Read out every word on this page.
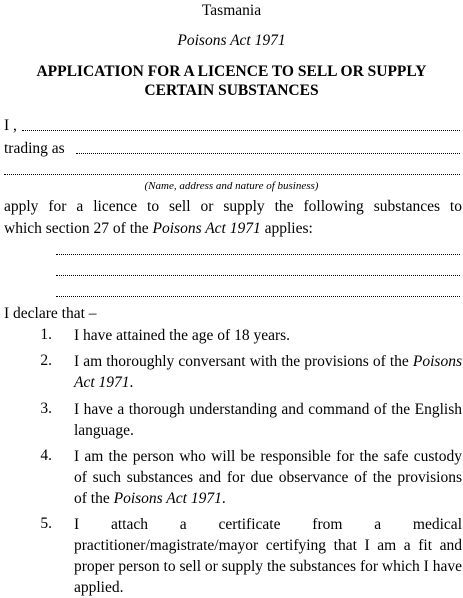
Tasmania
Poisons Act 1971
APPLICATION FOR A LICENCE TO SELL OR SUPPLY CERTAIN SUBSTANCES
I ,
trading as
(Name, address and nature of business)
apply for a licence to sell or supply the following substances to
which section 27 of the Poisons Act 1971 applies:
I declare that –
1. I have attained the age of 18 years.
2. I am thoroughly conversant with the provisions of the Poisons Act 1971.
3. I have a thorough understanding and command of the English language.
4. I am the person who will be responsible for the safe custody of such substances and for due observance of the provisions of the Poisons Act 1971.
5. I attach a certificate from a medical
practitioner/magistrate/mayor certifying that I am a fit and proper person to sell or supply the substances for which I have applied.
